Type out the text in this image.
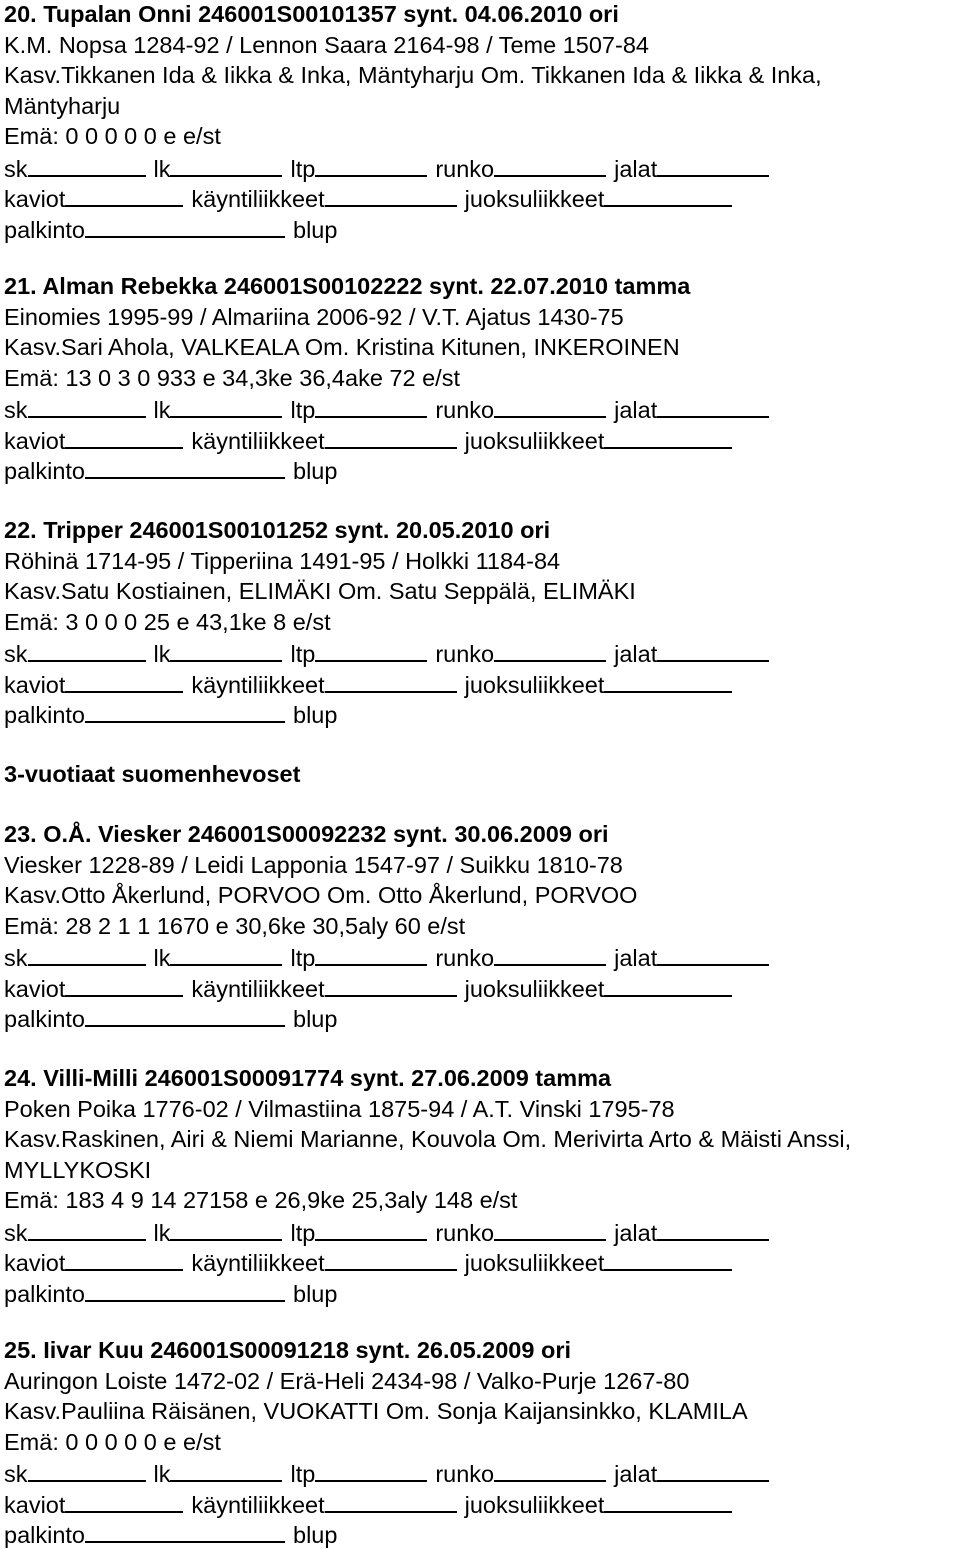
20. Tupalan Onni 246001S00101357 synt. 04.06.2010 ori
K.M. Nopsa 1284-92 / Lennon Saara 2164-98 / Teme 1507-84
Kasv.Tikkanen Ida & Iikka & Inka, Mäntyharju Om. Tikkanen Ida & Iikka & Inka,
Mäntyharju
Emä: 0 0 0 0 0 e e/st
sk	lk	ltp	runko	jalat
kaviot	käyntiliikkeet	juoksuliikkeet
palkinto	blup
21. Alman Rebekka 246001S00102222 synt. 22.07.2010 tamma
Einomies 1995-99 / Almariina 2006-92 / V.T. Ajatus 1430-75
Kasv.Sari Ahola, VALKEALA Om. Kristina Kitunen, INKEROINEN
Emä: 13 0 3 0 933 e 34,3ke 36,4ake 72 e/st
sk	lk	ltp	runko	jalat
kaviot	käyntiliikkeet	juoksuliikkeet
palkinto	blup
22. Tripper 246001S00101252 synt. 20.05.2010 ori
Röhinä 1714-95 / Tipperiina 1491-95 / Holkki 1184-84
Kasv.Satu Kostiainen, ELIMÄKI Om. Satu Seppälä, ELIMÄKI
Emä: 3 0 0 0 25 e 43,1ke 8 e/st
sk	lk	ltp	runko	jalat
kaviot	käyntiliikkeet	juoksuliikkeet
palkinto	blup
23. O.Å. Viesker 246001S00092232 synt. 30.06.2009 ori
Viesker 1228-89 / Leidi Lapponia 1547-97 / Suikku 1810-78
Kasv.Otto Åkerlund, PORVOO Om. Otto Åkerlund, PORVOO
Emä: 28 2 1 1 1670 e 30,6ke 30,5aly 60 e/st
sk	lk	ltp	runko	jalat
kaviot	käyntiliikkeet	juoksuliikkeet
palkinto	blup
24. Villi-Milli 246001S00091774 synt. 27.06.2009 tamma
Poken Poika 1776-02 / Vilmastiina 1875-94 / A.T. Vinski 1795-78
Kasv.Raskinen, Airi & Niemi Marianne, Kouvola Om. Merivirta Arto & Mäisti Anssi,
MYLLYKOSKI
Emä: 183 4 9 14 27158 e 26,9ke 25,3aly 148 e/st
sk	lk	ltp	runko	jalat
kaviot	käyntiliikkeet	juoksuliikkeet
palkinto	blup
25. Iivar Kuu 246001S00091218 synt. 26.05.2009 ori
Auringon Loiste 1472-02 / Erä-Heli 2434-98 / Valko-Purje 1267-80
Kasv.Pauliina Räisänen, VUOKATTI Om. Sonja Kaijansinkko, KLAMILA
Emä: 0 0 0 0 0 e e/st
sk	lk	ltp	runko	jalat
kaviot	käyntiliikkeet	juoksuliikkeet
palkinto	blup
3-vuotiaat suomenhevoset
